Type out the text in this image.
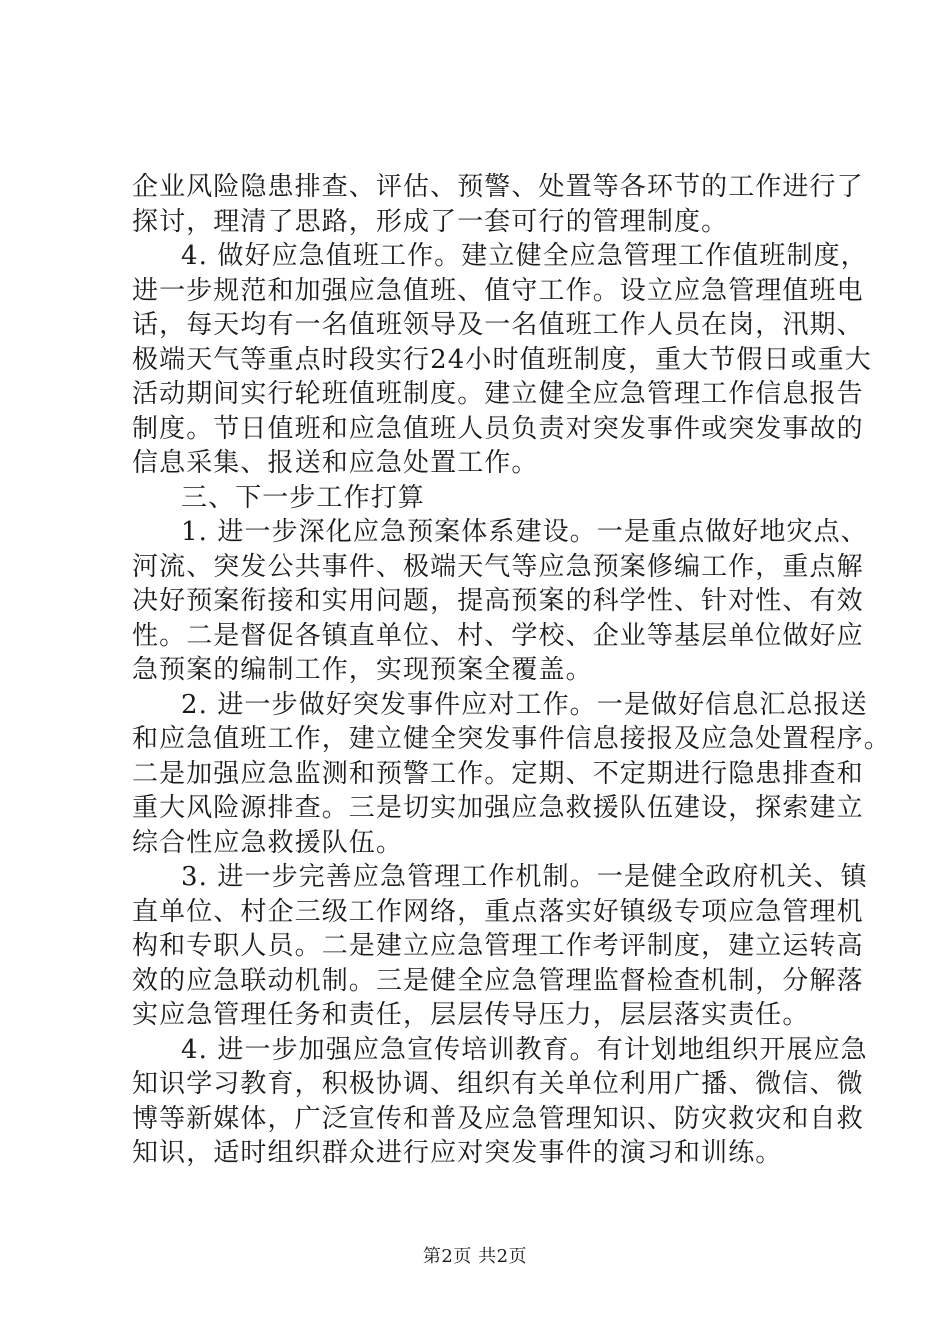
企业风险隐患排查、评估、预警、处置等各环节的工作进行了
探讨，理清了思路，形成了一套可行的管理制度。
4. 做好应急值班工作。建立健全应急管理工作值班制度，
进一步规范和加强应急值班、值守工作。设立应急管理值班电
话，每天均有一名值班领导及一名值班工作人员在岗，汛期、
极端天气等重点时段实行24小时值班制度，重大节假日或重大
活动期间实行轮班值班制度。建立健全应急管理工作信息报告
制度。节日值班和应急值班人员负责对突发事件或突发事故的
信息采集、报送和应急处置工作。
三、下一步工作打算
1. 进一步深化应急预案体系建设。一是重点做好地灾点、
河流、突发公共事件、极端天气等应急预案修编工作，重点解
决好预案衔接和实用问题，提高预案的科学性、针对性、有效
性。二是督促各镇直单位、村、学校、企业等基层单位做好应
急预案的编制工作，实现预案全覆盖。
2. 进一步做好突发事件应对工作。一是做好信息汇总报送
和应急值班工作，建立健全突发事件信息接报及应急处置程序。
二是加强应急监测和预警工作。定期、不定期进行隐患排查和
重大风险源排查。三是切实加强应急救援队伍建设，探索建立
综合性应急救援队伍。
3. 进一步完善应急管理工作机制。一是健全政府机关、镇
直单位、村企三级工作网络，重点落实好镇级专项应急管理机
构和专职人员。二是建立应急管理工作考评制度，建立运转高
效的应急联动机制。三是健全应急管理监督检查机制，分解落
实应急管理任务和责任，层层传导压力，层层落实责任。
4. 进一步加强应急宣传培训教育。有计划地组织开展应急
知识学习教育，积极协调、组织有关单位利用广播、微信、微
博等新媒体，广泛宣传和普及应急管理知识、防灾救灾和自救
知识，适时组织群众进行应对突发事件的演习和训练。
第2页 共2页
